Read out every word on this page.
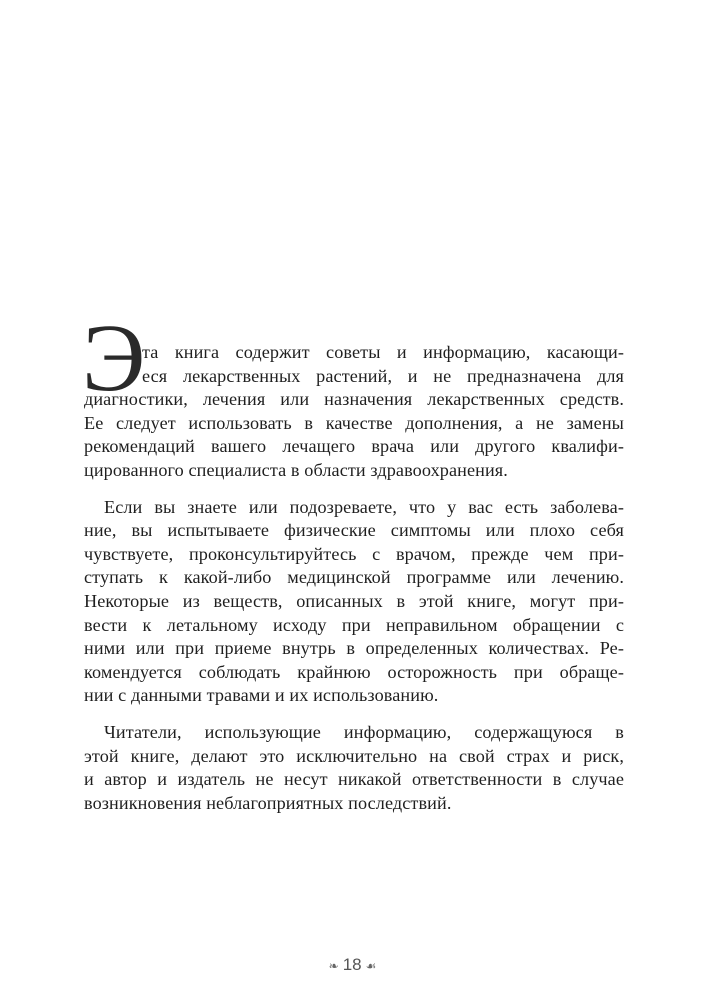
Э

та книга содержит советы и информацию, касающи-
еся лекарственных растений, и не предназначена для
диагностики, лечения или назначения лекарственных средств.
Ее следует использовать в качестве дополнения, а не замены
рекомендаций вашего лечащего врача или другого квалифи-
цированного специалиста в области здравоохранения.

Если вы знаете или подозреваете, что у вас есть заболева-
ние, вы испытываете физические симптомы или плохо себя
чувствуете, проконсультируйтесь с врачом, прежде чем при-
ступать к какой-либо медицинской программе или лечению.
Некоторые из веществ, описанных в этой книге, могут при-
вести к летальному исходу при неправильном обращении с
ними или при приеме внутрь в определенных количествах. Ре-
комендуется соблюдать крайнюю осторожность при обраще-
нии с данными травами и их использованию.

Читатели, использующие информацию, содержащуюся в
этой книге, делают это исключительно на свой страх и риск,
и автор и издатель не несут никакой ответственности в случае
возникновения неблагоприятных последствий.

❧ 18 ☙
